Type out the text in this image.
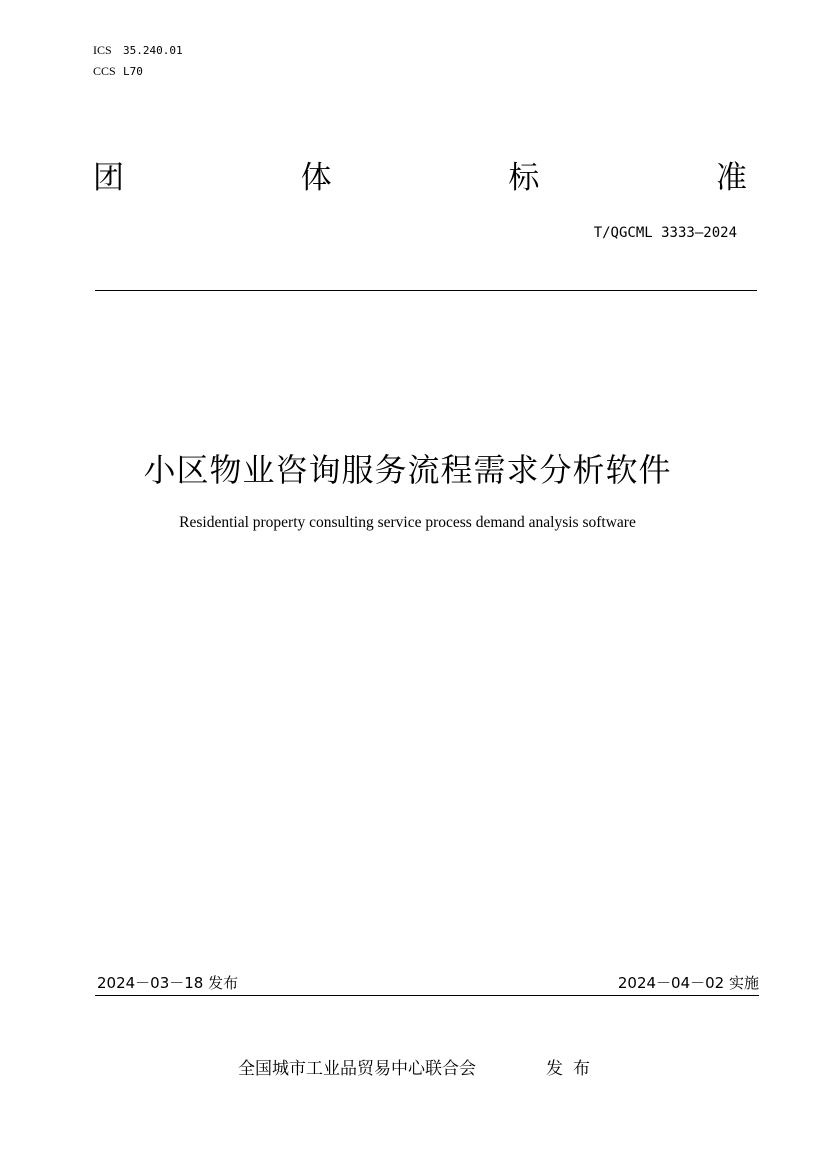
ICS 35.240.01
CCS L70
团	体	标	准
T/QGCML 3333—2024
小区物业咨询服务流程需求分析软件
Residential property consulting service process demand analysis software
2024－03－18 发布	2024－04－02 实施
全国城市工业品贸易中心联合会	发布
